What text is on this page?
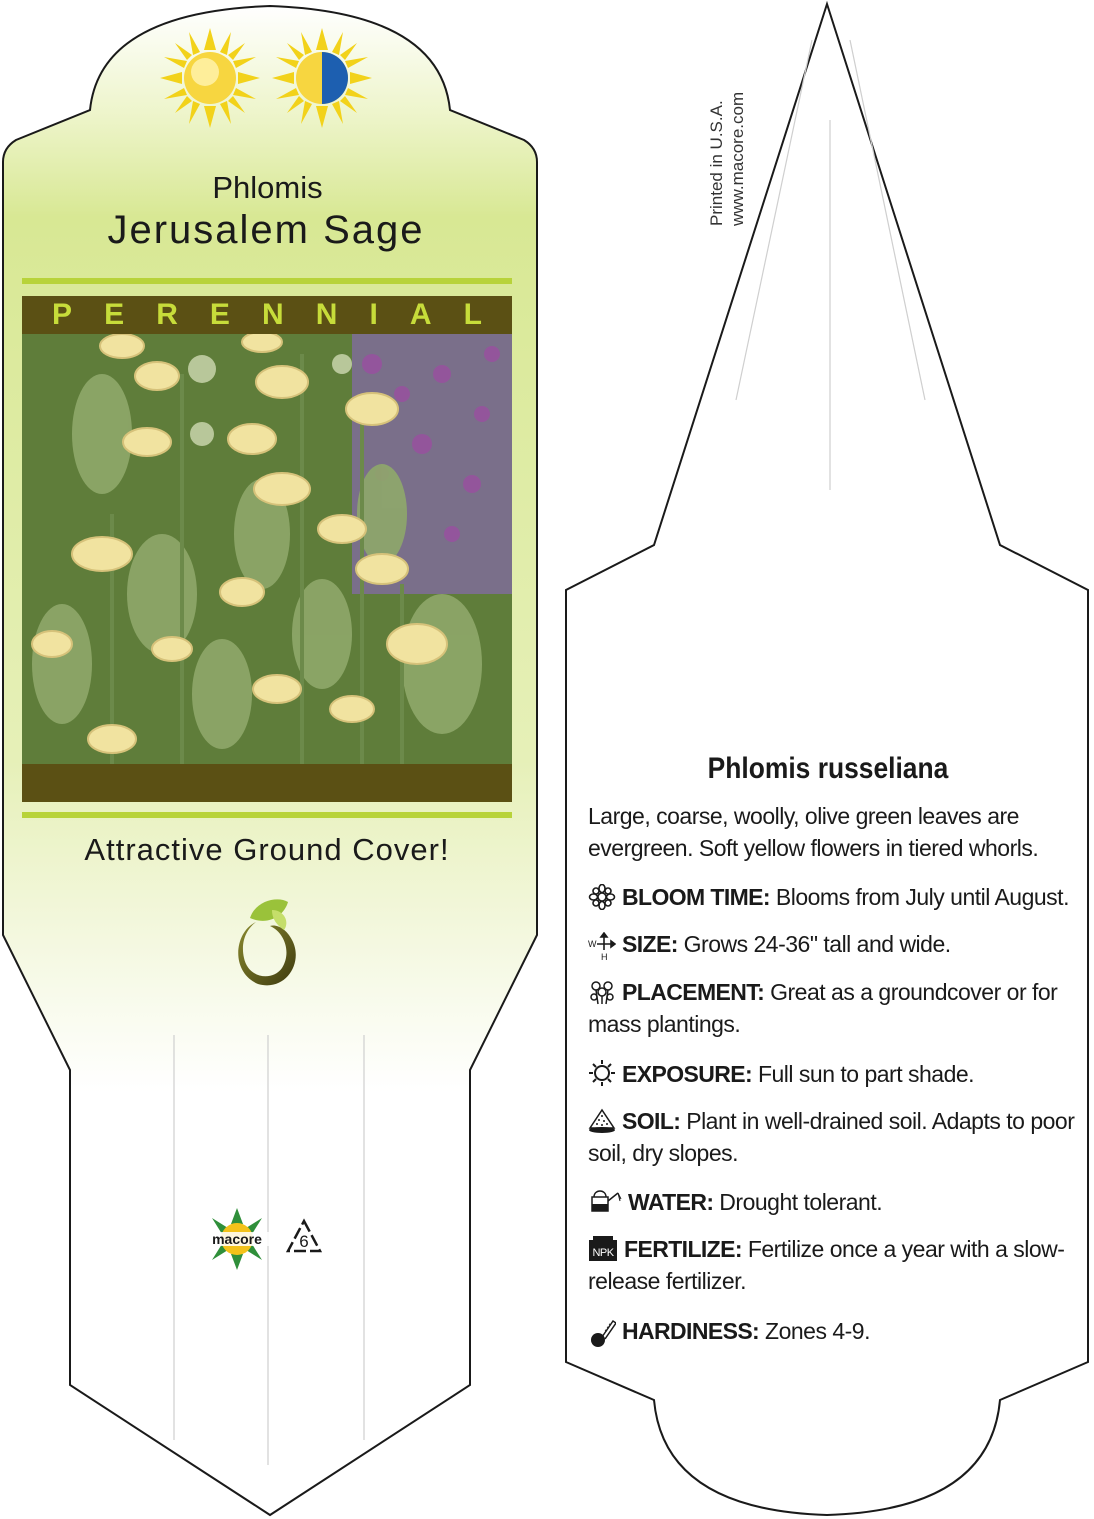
Phlomis
Jerusalem Sage
P E R E N N I A L
Attractive Ground Cover!
macore	6
Printed in U.S.A. www.macore.com
Phlomis russeliana
Large, coarse, woolly, olive green leaves are evergreen. Soft yellow flowers in tiered whorls.
BLOOM TIME: Blooms from July until August.
W
H SIZE: Grows 24-36" tall and wide.
PLACEMENT: Great as a groundcover or for mass plantings.
EXPOSURE: Full sun to part shade.
SOIL: Plant in well-drained soil. Adapts to poor soil, dry slopes.
WATER: Drought tolerant.
NPK FERTILIZE: Fertilize once a year with a slow-release fertilizer.
HARDINESS: Zones 4-9.
